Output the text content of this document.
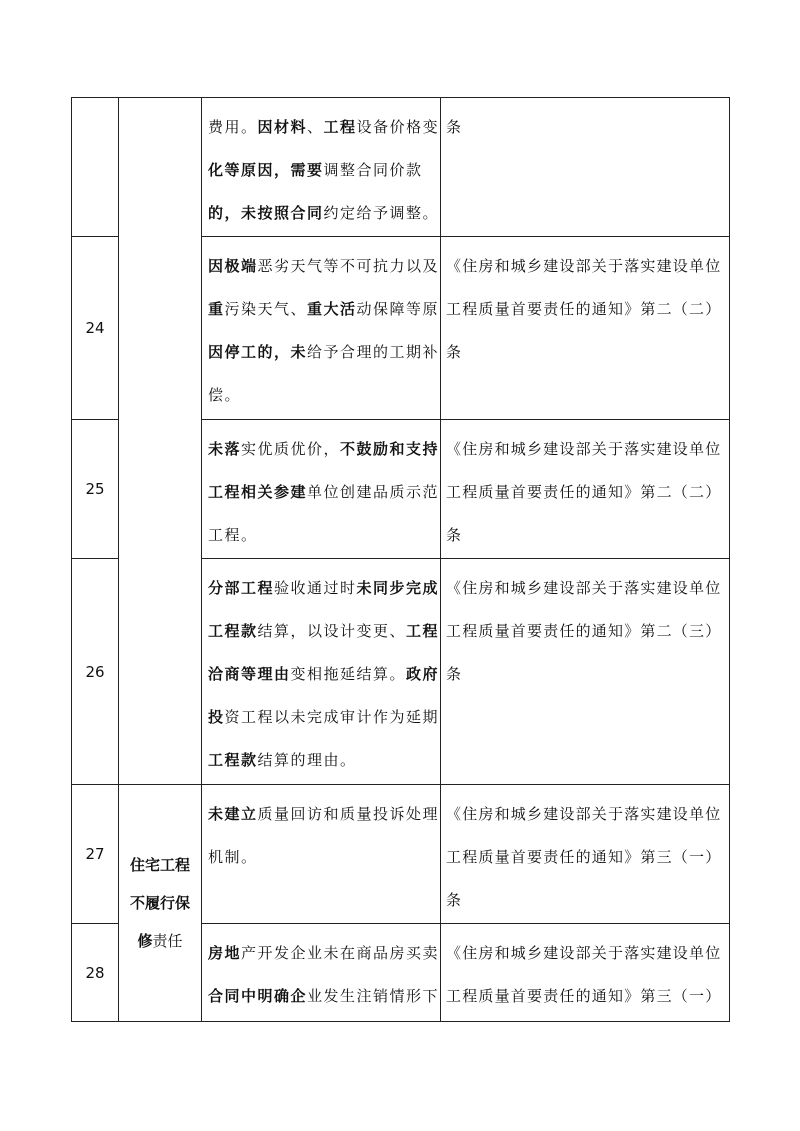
		费用。因材料、工程设备价格变
化等原因，需要调整合同价款
的，未按照合同约定给予调整。	条

24		因极端恶劣天气等不可抗力以及
重污染天气、重大活动保障等原
因停工的，未给予合理的工期补
偿。	《住房和城乡建设部关于落实建设单位
工程质量首要责任的通知》第二（二）
条

25		未落实优质优价，不鼓励和支持
工程相关参建单位创建品质示范
工程。	《住房和城乡建设部关于落实建设单位
工程质量首要责任的通知》第二（二）
条

26		分部工程验收通过时未同步完成
工程款结算，以设计变更、工程
洽商等理由变相拖延结算。政府
投资工程以未完成审计作为延期
工程款结算的理由。	《住房和城乡建设部关于落实建设单位
工程质量首要责任的通知》第二（三）
条

27	住宅工程
不履行保
修责任	未建立质量回访和质量投诉处理
机制。	《住房和城乡建设部关于落实建设单位
工程质量首要责任的通知》第三（一）
条

28		房地产开发企业未在商品房买卖
合同中明确企业发生注销情形下	《住房和城乡建设部关于落实建设单位
工程质量首要责任的通知》第三（一）
